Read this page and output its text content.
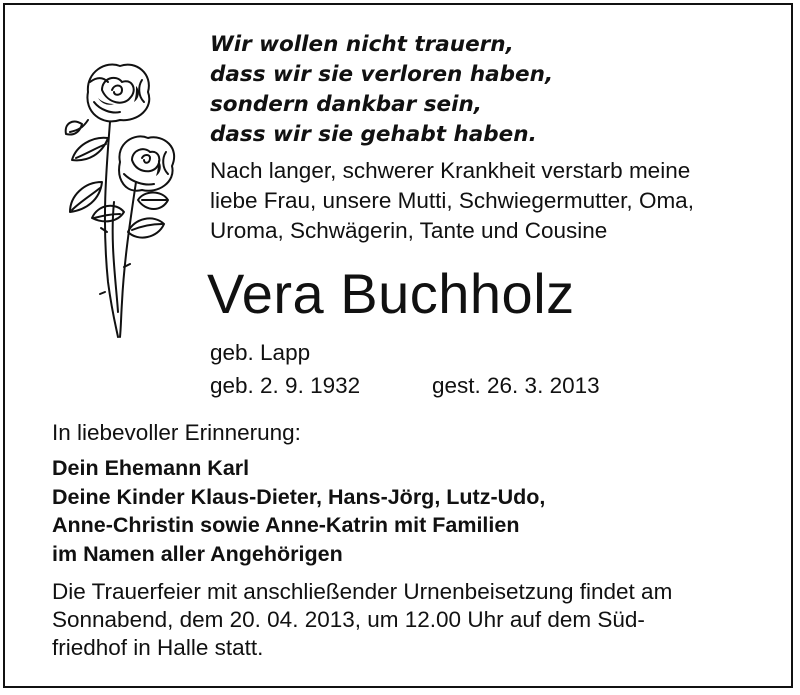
Wir wollen nicht trauern,
dass wir sie verloren haben,
sondern dankbar sein,
dass wir sie gehabt haben.
Nach langer, schwerer Krankheit verstarb meine
liebe Frau, unsere Mutti, Schwiegermutter, Oma,
Uroma, Schwägerin, Tante und Cousine
Vera Buchholz
geb. Lapp
geb. 2. 9. 1932	gest. 26. 3. 2013
In liebevoller Erinnerung:
Dein Ehemann Karl
Deine Kinder Klaus-Dieter, Hans-Jörg, Lutz-Udo,
Anne-Christin sowie Anne-Katrin mit Familien
im Namen aller Angehörigen
Die Trauerfeier mit anschließender Urnenbeisetzung findet am
Sonnabend, dem 20. 04. 2013, um 12.00 Uhr auf dem Süd-
friedhof in Halle statt.
